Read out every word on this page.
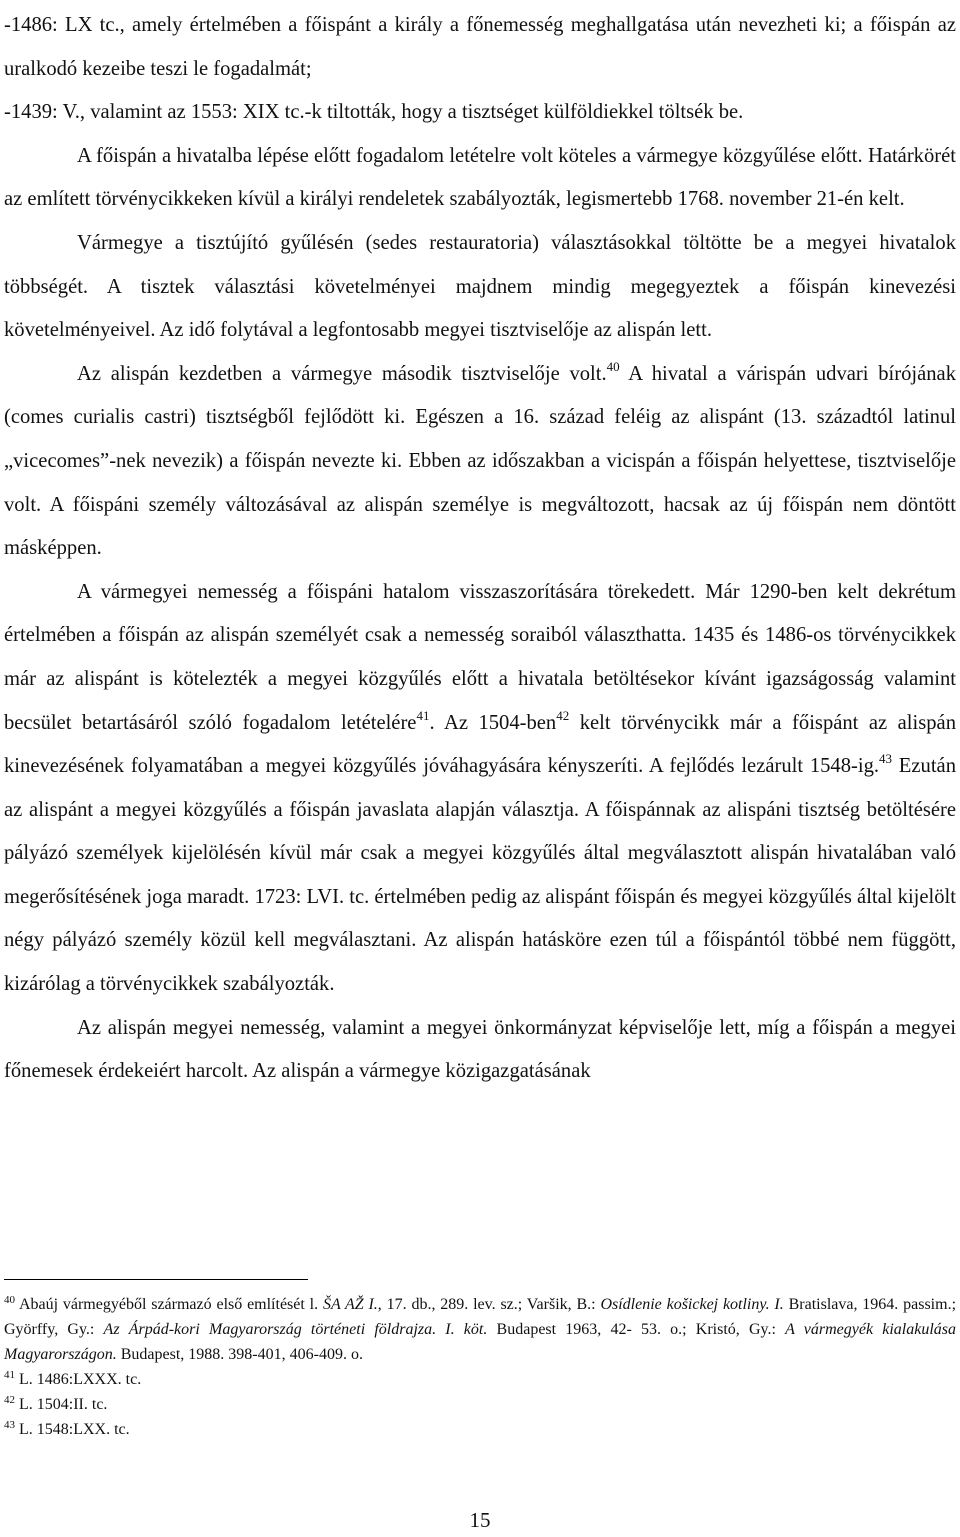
-1486: LX tc., amely értelmében a főispánt a király a főnemesség meghallgatása után nevezheti ki; a főispán az uralkodó kezeibe teszi le fogadalmát;

-1439: V., valamint az 1553: XIX tc.-k tiltották, hogy a tisztséget külföldiekkel töltsék be.

A főispán a hivatalba lépése előtt fogadalom letételre volt köteles a vármegye közgyűlése előtt. Határkörét az említett törvénycikkeken kívül a királyi rendeletek szabályozták, legismertebb 1768. november 21-én kelt.

Vármegye a tisztújító gyűlésén (sedes restauratoria) választásokkal töltötte be a megyei hivatalok többségét. A tisztek választási követelményei majdnem mindig megegyeztek a főispán kinevezési követelményeivel. Az idő folytával a legfontosabb megyei tisztviselője az alispán lett.

Az alispán kezdetben a vármegye második tisztviselője volt.$^{40}$ A hivatal a várispán udvari bírójának (comes curialis castri) tisztségből fejlődött ki. Egészen a 16. század feléig az alispánt (13. századtól latinul „vicecomes”-nek nevezik) a főispán nevezte ki. Ebben az időszakban a vicispán a főispán helyettese, tisztviselője volt. A főispáni személy változásával az alispán személye is megváltozott, hacsak az új főispán nem döntött másképpen.

A vármegyei nemesség a főispáni hatalom visszaszorítására törekedett. Már 1290-ben kelt dekrétum értelmében a főispán az alispán személyét csak a nemesség soraiból választhatta. 1435 és 1486-os törvénycikkek már az alispánt is kötelezték a megyei közgyűlés előtt a hivatala betöltésekor kívánt igazságosság valamint becsület betartásáról szóló fogadalom letételére$^{41}$. Az 1504-ben$^{42}$ kelt törvénycikk már a főispánt az alispán kinevezésének folyamatában a megyei közgyűlés jóváhagyására kényszeríti. A fejlődés lezárult 1548-ig.$^{43}$ Ezután az alispánt a megyei közgyűlés a főispán javaslata alapján választja. A főispánnak az alispáni tisztség betöltésére pályázó személyek kijelölésén kívül már csak a megyei közgyűlés által megválasztott alispán hivatalában való megerősítésének joga maradt. 1723: LVI. tc. értelmében pedig az alispánt főispán és megyei közgyűlés által kijelölt négy pályázó személy közül kell megválasztani. Az alispán hatásköre ezen túl a főispántól többé nem függött, kizárólag a törvénycikkek szabályozták.

Az alispán megyei nemesség, valamint a megyei önkormányzat képviselője lett, míg a főispán a megyei főnemesek érdekeiért harcolt. Az alispán a vármegye közigazgatásának

$^{40}$ Abaúj vármegyéből származó első említését l. ŠA AŽ I., 17. db., 289. lev. sz.; Varšik, B.: Osídlenie košickej kotliny. I. Bratislava, 1964. passim.; Györffy, Gy.: Az Árpád-kori Magyarország történeti földrajza. I. köt. Budapest 1963, 42- 53. o.; Kristó, Gy.: A vármegyék kialakulása Magyarországon. Budapest, 1988. 398-401, 406-409. o.

$^{41}$ L. 1486:LXXX. tc.

$^{42}$ L. 1504:II. tc.

$^{43}$ L. 1548:LXX. tc.

15
